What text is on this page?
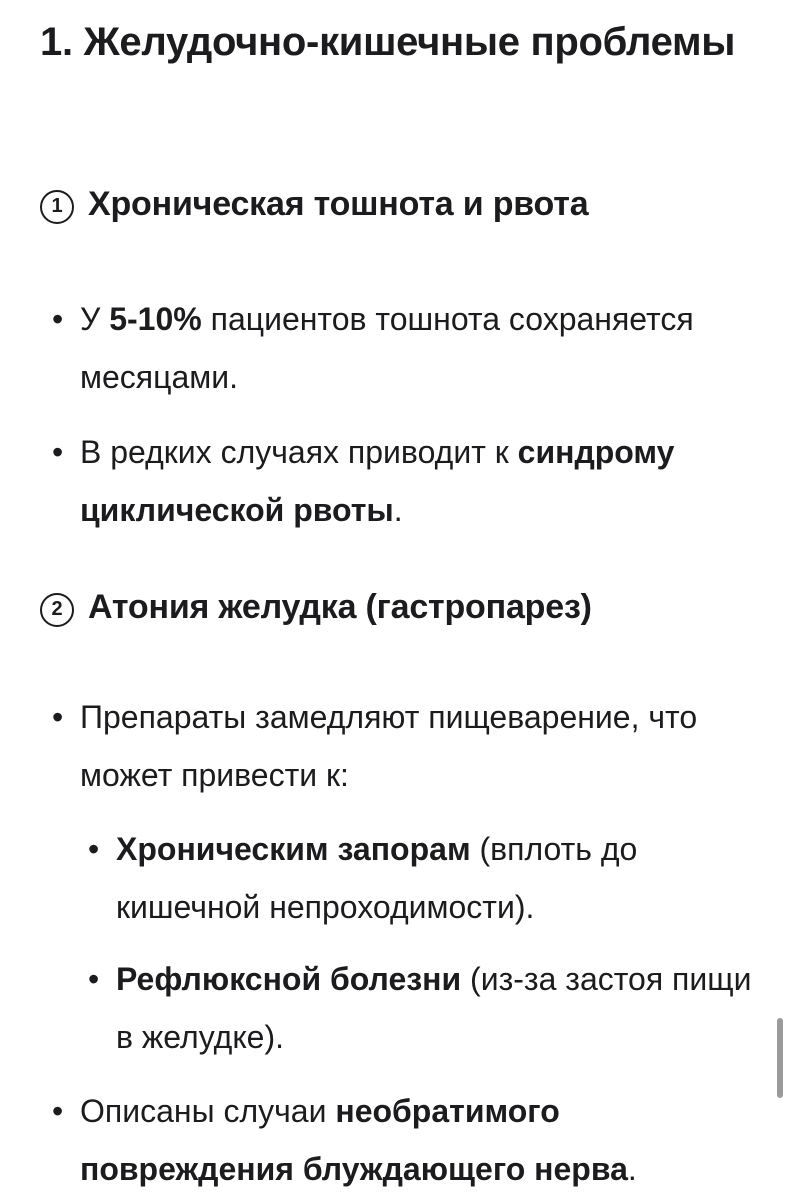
1. Желудочно-кишечные проблемы
1 Хроническая тошнота и рвота
• У 5-10% пациентов тошнота сохраняется месяцами.
• В редких случаях приводит к синдрому циклической рвоты.
2 Атония желудка (гастропарез)
• Препараты замедляют пищеварение, что может привести к:
• Хроническим запорам (вплоть до кишечной непроходимости).
• Рефлюксной болезни (из-за застоя пищи в желудке).
• Описаны случаи необратимого повреждения блуждающего нерва.
